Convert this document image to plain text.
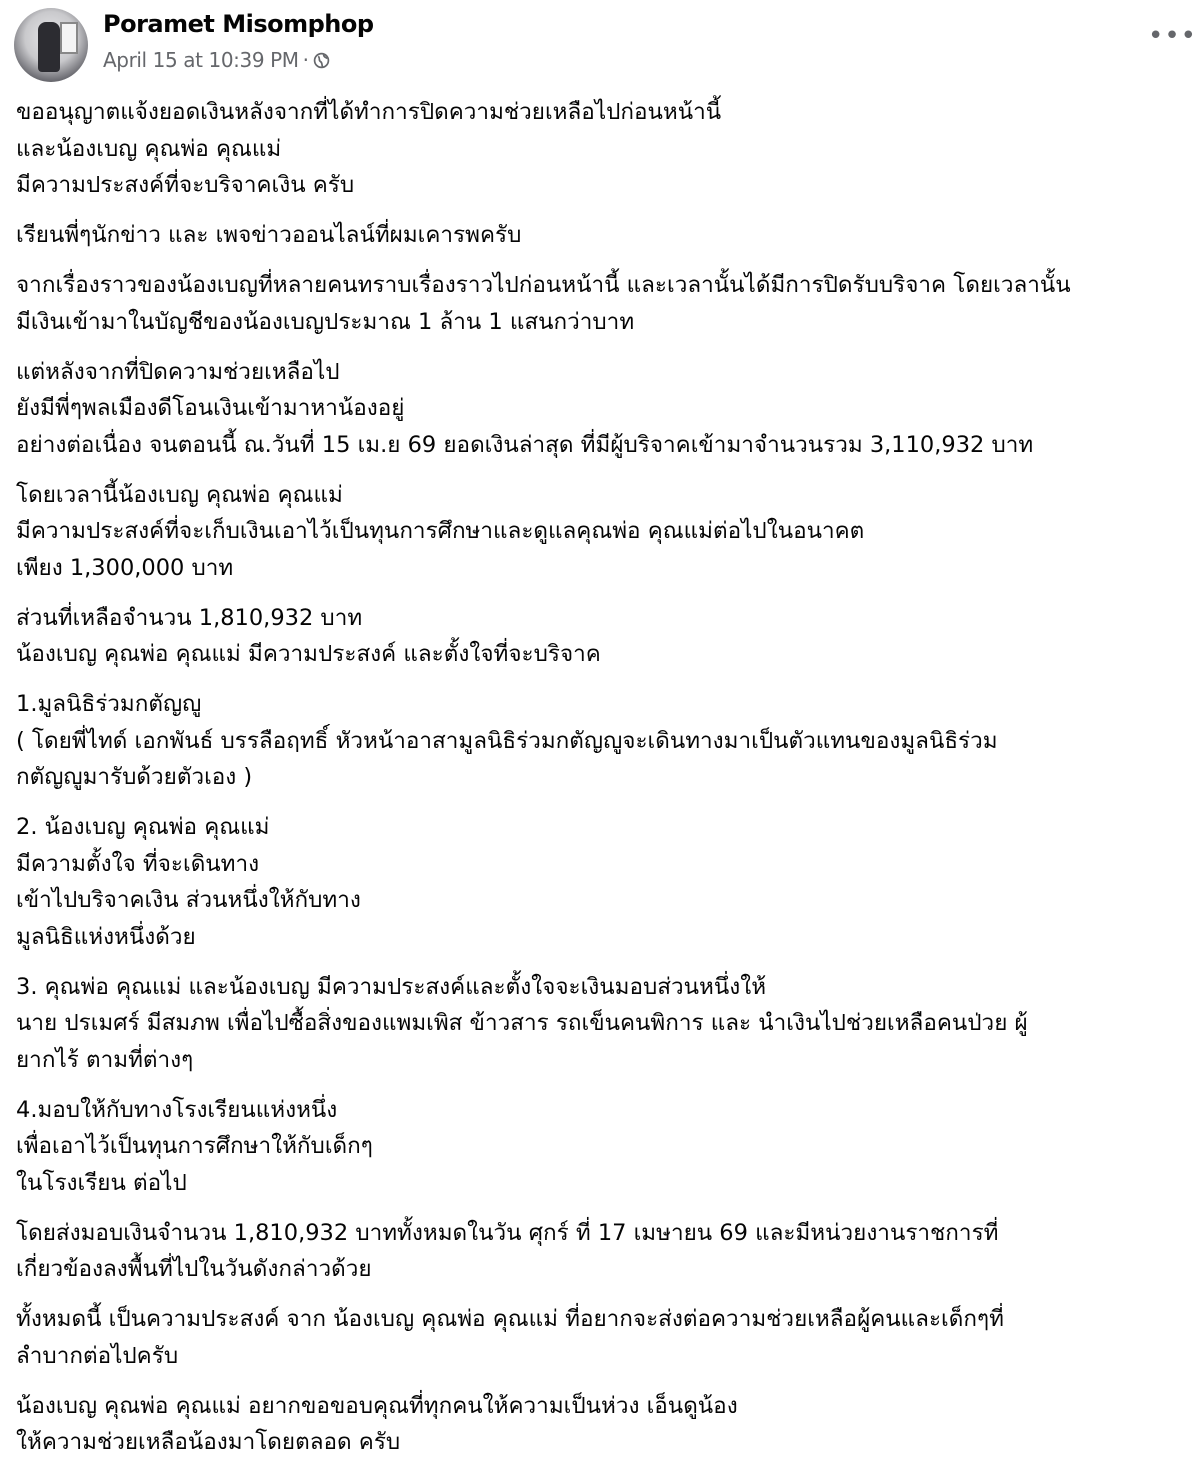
Poramet Misomphop
April 15 at 10:39 PM ·
•••
ขออนุญาตแจ้งยอดเงินหลังจากที่ได้ทำการปิดความช่วยเหลือไปก่อนหน้านี้
และน้องเบญ คุณพ่อ คุณแม่
มีความประสงค์ที่จะบริจาคเงิน ครับ
เรียนพี่ๆนักข่าว และ เพจข่าวออนไลน์ที่ผมเคารพครับ
จากเรื่องราวของน้องเบญที่หลายคนทราบเรื่องราวไปก่อนหน้านี้ และเวลานั้นได้มีการปิดรับบริจาค โดยเวลานั้น
มีเงินเข้ามาในบัญชีของน้องเบญประมาณ 1 ล้าน 1 แสนกว่าบาท
แต่หลังจากที่ปิดความช่วยเหลือไป
ยังมีพี่ๆพลเมืองดีโอนเงินเข้ามาหาน้องอยู่
อย่างต่อเนื่อง จนตอนนี้ ณ.วันที่ 15 เม.ย 69 ยอดเงินล่าสุด ที่มีผู้บริจาคเข้ามาจำนวนรวม 3,110,932 บาท
โดยเวลานี้น้องเบญ คุณพ่อ คุณแม่
มีความประสงค์ที่จะเก็บเงินเอาไว้เป็นทุนการศึกษาและดูแลคุณพ่อ คุณแม่ต่อไปในอนาคต
เพียง 1,300,000 บาท
ส่วนที่เหลือจำนวน 1,810,932 บาท
น้องเบญ คุณพ่อ คุณแม่ มีความประสงค์ และตั้งใจที่จะบริจาค
1.มูลนิธิร่วมกตัญญู
( โดยพี่ไทด์ เอกพันธ์ บรรลือฤทธิ์ หัวหน้าอาสามูลนิธิร่วมกตัญญูจะเดินทางมาเป็นตัวแทนของมูลนิธิร่วม
กตัญญูมารับด้วยตัวเอง )
2. น้องเบญ คุณพ่อ คุณแม่
มีความตั้งใจ ที่จะเดินทาง
เข้าไปบริจาคเงิน ส่วนหนึ่งให้กับทาง
มูลนิธิแห่งหนึ่งด้วย
3. คุณพ่อ คุณแม่ และน้องเบญ มีความประสงค์และตั้งใจจะเงินมอบส่วนหนึ่งให้
นาย ปรเมศร์ มีสมภพ เพื่อไปซื้อสิ่งของแพมเพิส ข้าวสาร รถเข็นคนพิการ และ นำเงินไปช่วยเหลือคนป่วย ผู้
ยากไร้ ตามที่ต่างๆ
4.มอบให้กับทางโรงเรียนแห่งหนึ่ง
เพื่อเอาไว้เป็นทุนการศึกษาให้กับเด็กๆ
ในโรงเรียน ต่อไป
โดยส่งมอบเงินจำนวน 1,810,932 บาททั้งหมดในวัน ศุกร์ ที่ 17 เมษายน 69 และมีหน่วยงานราชการที่
เกี่ยวข้องลงพื้นที่ไปในวันดังกล่าวด้วย
ทั้งหมดนี้ เป็นความประสงค์ จาก น้องเบญ คุณพ่อ คุณแม่ ที่อยากจะส่งต่อความช่วยเหลือผู้คนและเด็กๆที่
ลำบากต่อไปครับ
น้องเบญ คุณพ่อ คุณแม่ อยากขอขอบคุณที่ทุกคนให้ความเป็นห่วง เอ็นดูน้อง
ให้ความช่วยเหลือน้องมาโดยตลอด ครับ
